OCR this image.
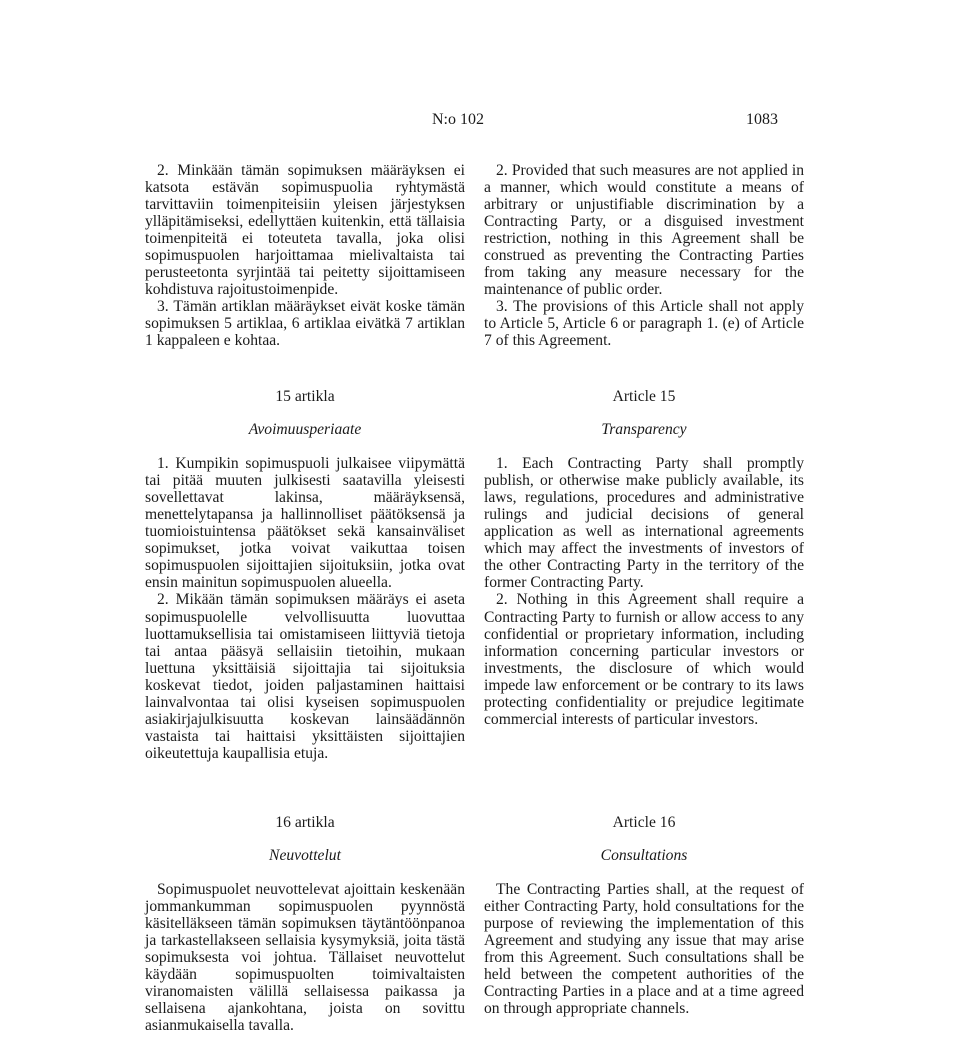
N:o 102	1083

2. Minkään tämän sopimuksen määräyksen ei katsota estävän sopimuspuolia ryhtymästä tarvittaviin toimenpiteisiin yleisen järjestyksen ylläpitämiseksi, edellyttäen kuitenkin, että tällaisia toimenpiteitä ei toteuteta tavalla, joka olisi sopimuspuolen harjoittamaa mielivaltaista tai perusteetonta syrjintää tai peitetty sijoittamiseen kohdistuva rajoitustoimenpide.

3. Tämän artiklan määräykset eivät koske tämän sopimuksen 5 artiklaa, 6 artiklaa eivätkä 7 artiklan 1 kappaleen e kohtaa.

15 artikla
Avoimuusperiaate

1. Kumpikin sopimuspuoli julkaisee viipymättä tai pitää muuten julkisesti saatavilla yleisesti sovellettavat lakinsa, määräyksensä, menettelytapansa ja hallinnolliset päätöksensä ja tuomioistuintensa päätökset sekä kansainväliset sopimukset, jotka voivat vaikuttaa toisen sopimuspuolen sijoittajien sijoituksiin, jotka ovat ensin mainitun sopimuspuolen alueella.

2. Mikään tämän sopimuksen määräys ei aseta sopimuspuolelle velvollisuutta luovuttaa luottamuksellisia tai omistamiseen liittyviä tietoja tai antaa pääsyä sellaisiin tietoihin, mukaan luettuna yksittäisiä sijoittajia tai sijoituksia koskevat tiedot, joiden paljastaminen haittaisi lainvalvontaa tai olisi kyseisen sopimuspuolen asiakirjajulkisuutta koskevan lainsäädännön vastaista tai haittaisi yksittäisten sijoittajien oikeutettuja kaupallisia etuja.

16 artikla
Neuvottelut

Sopimuspuolet neuvottelevat ajoittain keskenään jommankumman sopimuspuolen pyynnöstä käsitelläkseen tämän sopimuksen täytäntöönpanoa ja tarkastellakseen sellaisia kysymyksiä, joita tästä sopimuksesta voi johtua. Tällaiset neuvottelut käydään sopimuspuolten toimivaltaisten viranomaisten välillä sellaisessa paikassa ja sellaisena ajankohtana, joista on sovittu asianmukaisella tavalla.

2. Provided that such measures are not applied in a manner, which would constitute a means of arbitrary or unjustifiable discrimination by a Contracting Party, or a disguised investment restriction, nothing in this Agreement shall be construed as preventing the Contracting Parties from taking any measure necessary for the maintenance of public order.

3. The provisions of this Article shall not apply to Article 5, Article 6 or paragraph 1. (e) of Article 7 of this Agreement.

Article 15
Transparency

1. Each Contracting Party shall promptly publish, or otherwise make publicly available, its laws, regulations, procedures and administrative rulings and judicial decisions of general application as well as international agreements which may affect the investments of investors of the other Contracting Party in the territory of the former Contracting Party.

2. Nothing in this Agreement shall require a Contracting Party to furnish or allow access to any confidential or proprietary information, including information concerning particular investors or investments, the disclosure of which would impede law enforcement or be contrary to its laws protecting confidentiality or prejudice legitimate commercial interests of particular investors.

Article 16
Consultations

The Contracting Parties shall, at the request of either Contracting Party, hold consultations for the purpose of reviewing the implementation of this Agreement and studying any issue that may arise from this Agreement. Such consultations shall be held between the competent authorities of the Contracting Parties in a place and at a time agreed on through appropriate channels.
